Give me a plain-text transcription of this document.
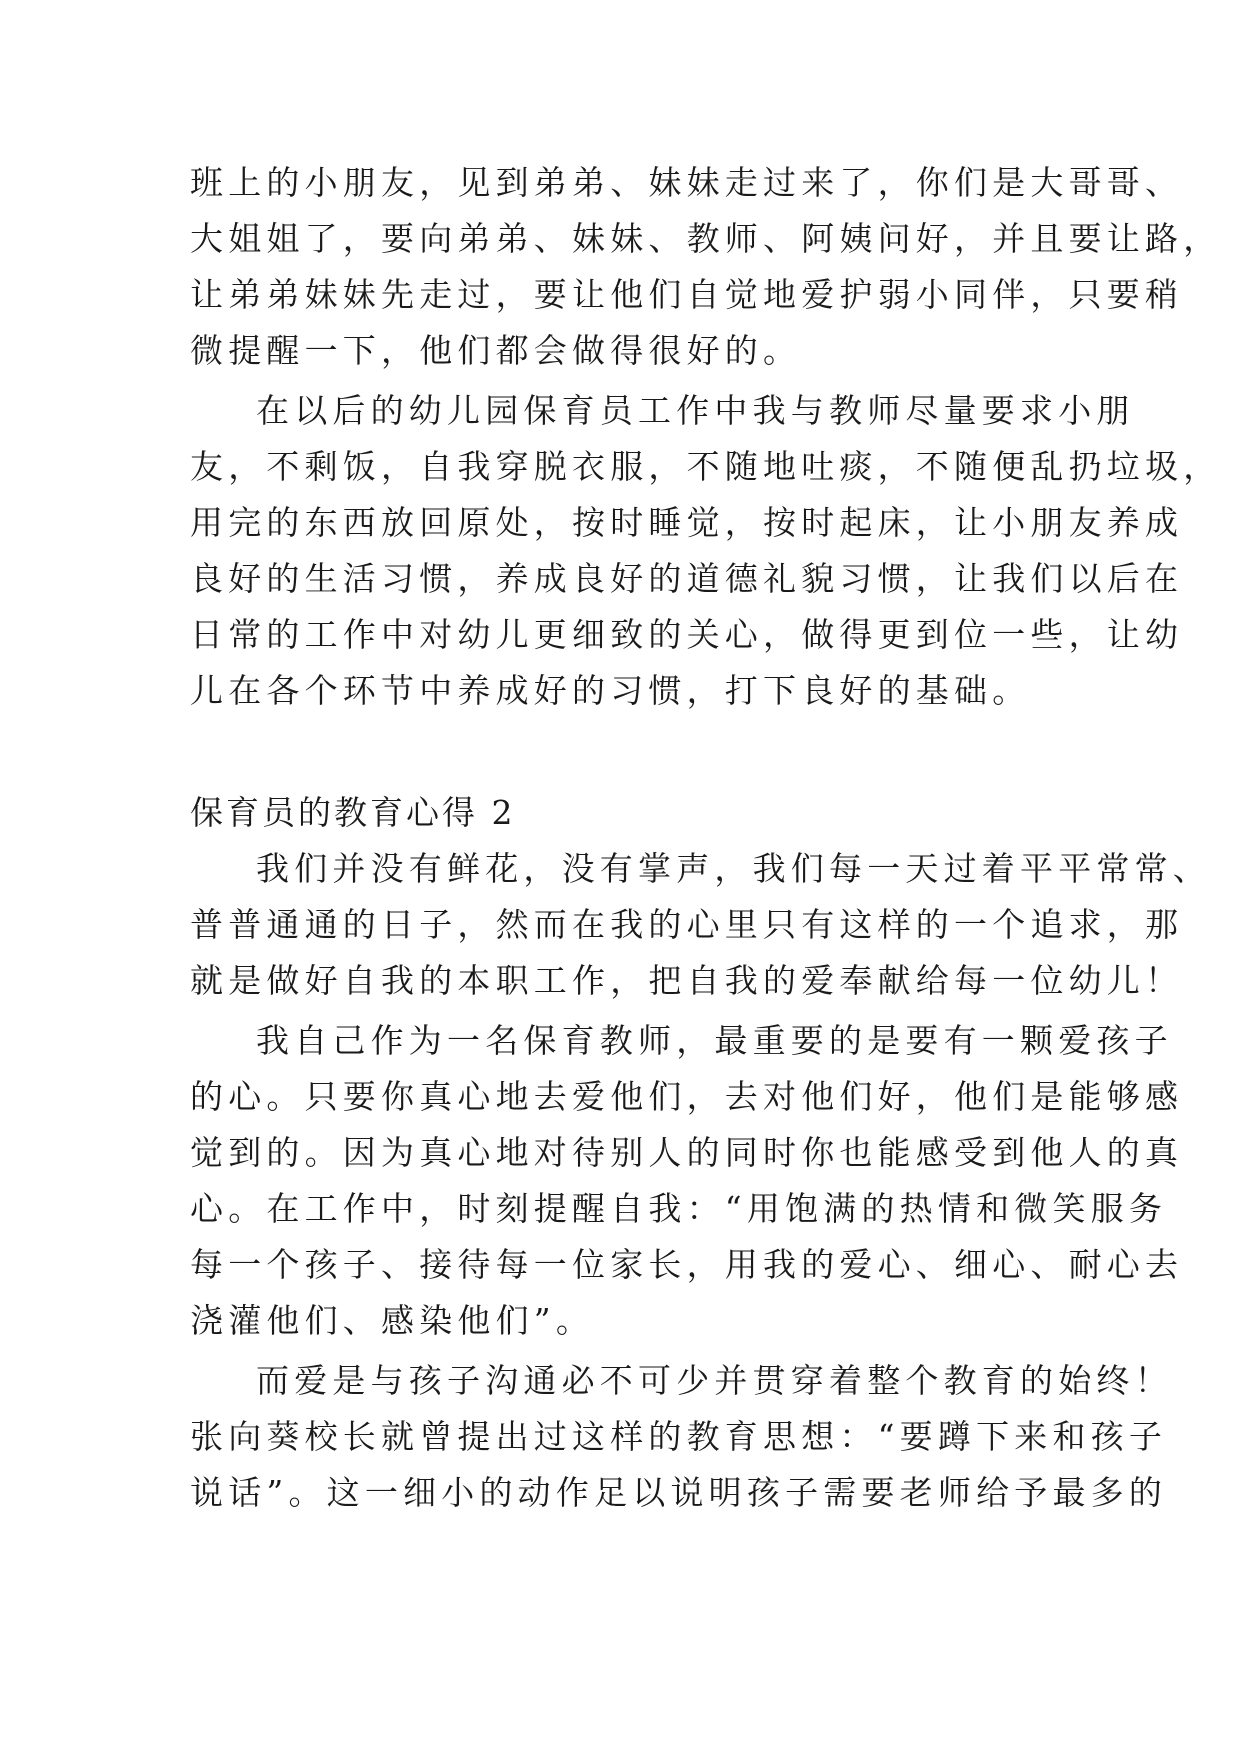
班上的小朋友，见到弟弟、妹妹走过来了，你们是大哥哥、

大姐姐了，要向弟弟、妹妹、教师、阿姨问好，并且要让路，

让弟弟妹妹先走过，要让他们自觉地爱护弱小同伴，只要稍

微提醒一下，他们都会做得很好的。

在以后的幼儿园保育员工作中我与教师尽量要求小朋

友，不剩饭，自我穿脱衣服，不随地吐痰，不随便乱扔垃圾，

用完的东西放回原处，按时睡觉，按时起床，让小朋友养成

良好的生活习惯，养成良好的道德礼貌习惯，让我们以后在

日常的工作中对幼儿更细致的关心，做得更到位一些，让幼

儿在各个环节中养成好的习惯，打下良好的基础。

保育员的教育心得 2

我们并没有鲜花，没有掌声，我们每一天过着平平常常、

普普通通的日子，然而在我的心里只有这样的一个追求，那

就是做好自我的本职工作，把自我的爱奉献给每一位幼儿！

我自己作为一名保育教师，最重要的是要有一颗爱孩子

的心。只要你真心地去爱他们，去对他们好，他们是能够感

觉到的。因为真心地对待别人的同时你也能感受到他人的真

心。在工作中，时刻提醒自我：“用饱满的热情和微笑服务

每一个孩子、接待每一位家长，用我的爱心、细心、耐心去

浇灌他们、感染他们”。

而爱是与孩子沟通必不可少并贯穿着整个教育的始终！

张向葵校长就曾提出过这样的教育思想：“要蹲下来和孩子

说话”。这一细小的动作足以说明孩子需要老师给予最多的
